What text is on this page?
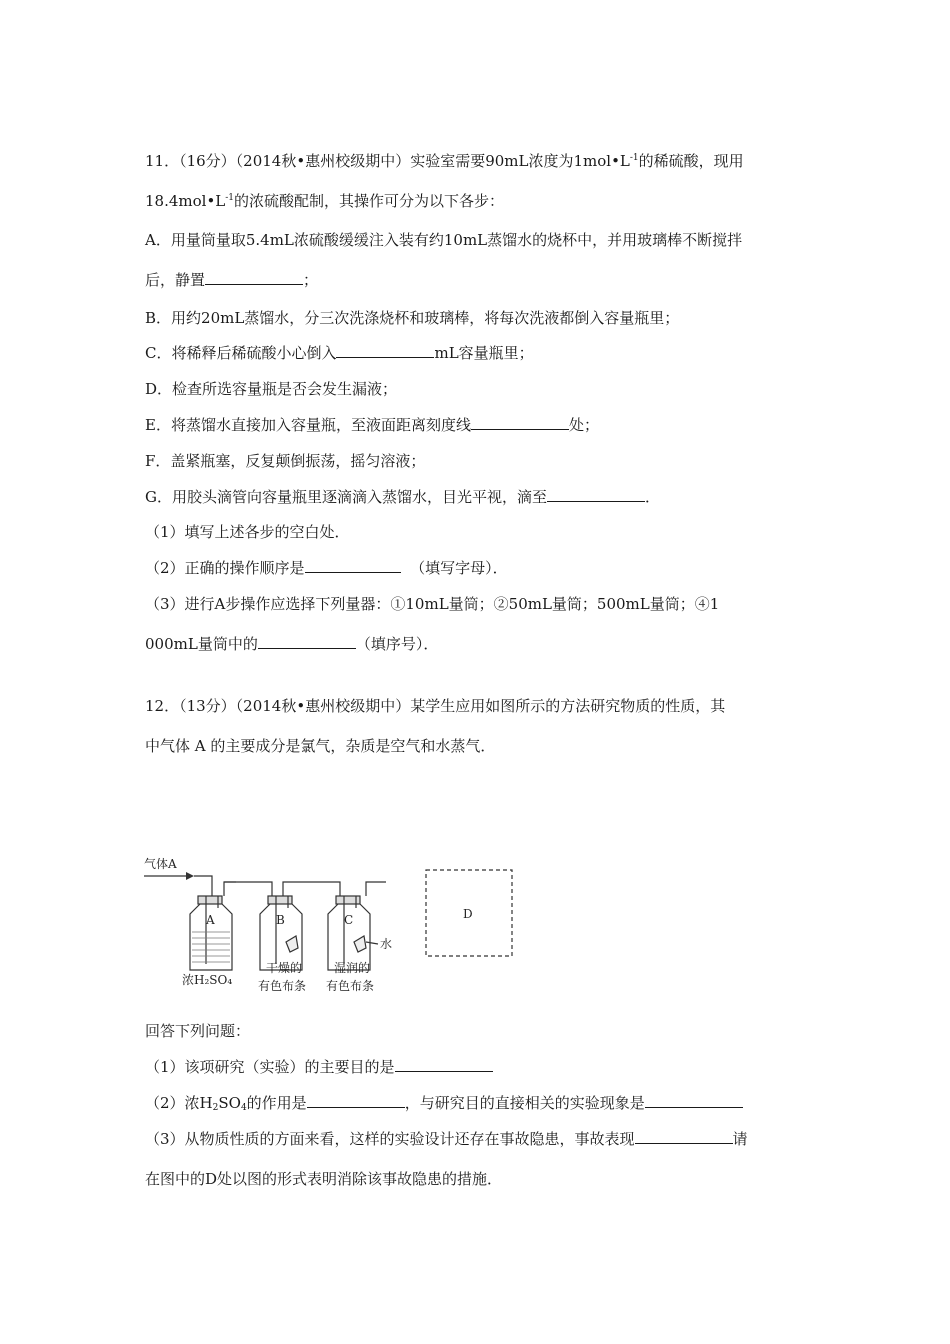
11．（16分）（2014秋•惠州校级期中）实验室需要90mL浓度为$1mol•L^{-1}$的稀硫酸，现用
$18.4mol•L^{-1}$的浓硫酸配制，其操作可分为以下各步：
A．用量筒量取5.4mL浓硫酸缓缓注入装有约10mL蒸馏水的烧杯中，并用玻璃棒不断搅拌
后，静置	；
B．用约20mL蒸馏水，分三次洗涤烧杯和玻璃棒，将每次洗液都倒入容量瓶里；
C．将稀释后稀硫酸小心倒入	mL容量瓶里；
D．检查所选容量瓶是否会发生漏液；
E．将蒸馏水直接加入容量瓶，至液面距离刻度线	处；
F．盖紧瓶塞，反复颠倒振荡，摇匀溶液；
G．用胶头滴管向容量瓶里逐滴滴入蒸馏水，目光平视，滴至	．
（1）填写上述各步的空白处．
（2）正确的操作顺序是	（填写字母）．
（3）进行A步操作应选择下列量器：①10mL量筒；②50mL量筒；500mL量筒；④1
000mL量筒中的	（填序号）．
12．（13分）（2014秋•惠州校级期中）某学生应用如图所示的方法研究物质的性质，其
中气体 A 的主要成分是氯气，杂质是空气和水蒸气．
气体A
A	B	C	D
水
浓H₂SO₄
干燥的
有色布条
湿润的
有色布条
回答下列问题：
（1）该项研究（实验）的主要目的是
（2）浓$H_2SO_4$的作用是	，与研究目的直接相关的实验现象是
（3）从物质性质的方面来看，这样的实验设计还存在事故隐患，事故表现	请
在图中的D处以图的形式表明消除该事故隐患的措施．
